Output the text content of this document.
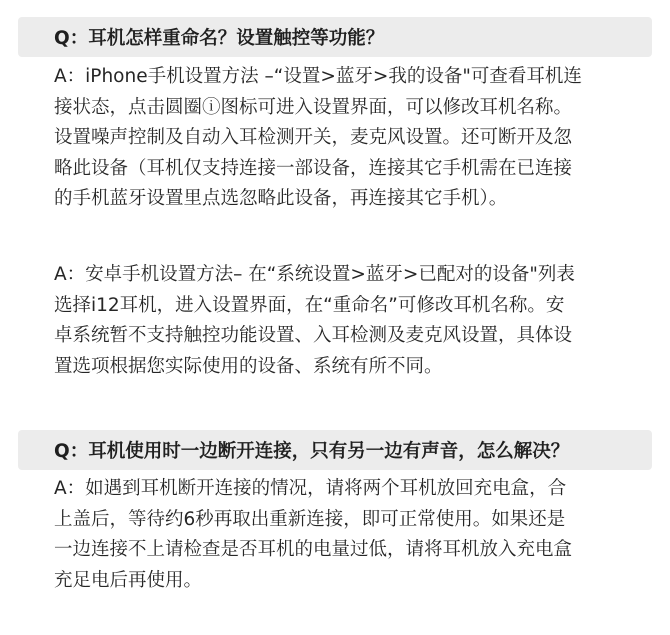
Q：耳机怎样重命名？设置触控等功能？

A：iPhone手机设置方法 –“设置>蓝牙>我的设备"可查看耳机连
接状态，点击圆圈ⓘ图标可进入设置界面，可以修改耳机名称。
设置噪声控制及自动入耳检测开关，麦克风设置。还可断开及忽
略此设备（耳机仅支持连接一部设备，连接其它手机需在已连接
的手机蓝牙设置里点选忽略此设备，再连接其它手机）。

A：安卓手机设置方法– 在“系统设置>蓝牙>已配对的设备"列表
选择i12耳机，进入设置界面，在“重命名”可修改耳机名称。安
卓系统暂不支持触控功能设置、入耳检测及麦克风设置，具体设
置选项根据您实际使用的设备、系统有所不同。

Q：耳机使用时一边断开连接，只有另一边有声音，怎么解决？

A：如遇到耳机断开连接的情况，请将两个耳机放回充电盒，合
上盖后，等待约6秒再取出重新连接，即可正常使用。如果还是
一边连接不上请检查是否耳机的电量过低，请将耳机放入充电盒
充足电后再使用。
